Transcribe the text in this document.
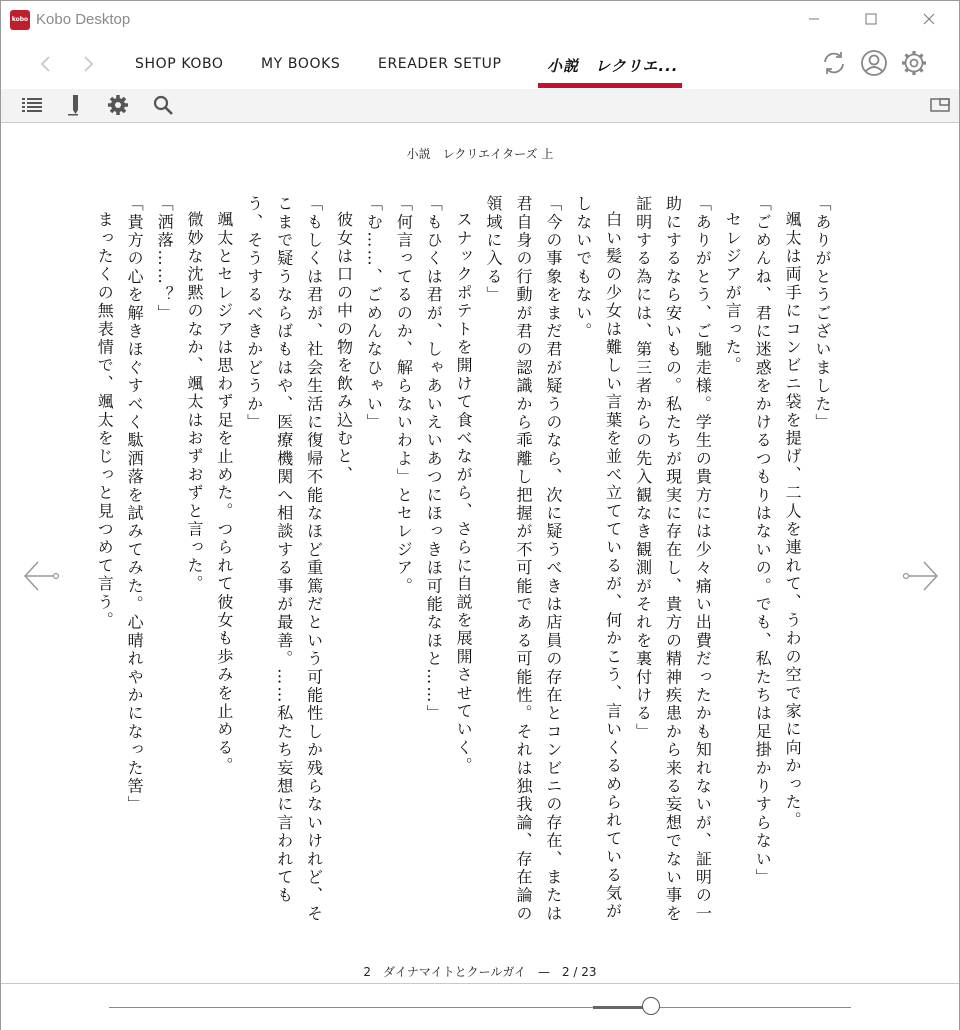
kobo Kobo Desktop
SHOP KOBO	MY BOOKS	EREADER SETUP	小説　レクリエ...
小説　レクリエイターズ 上

「ありがとうございました」

颯太は両手にコンビニ袋を提げ、二人を連れて、うわの空で家に向かった。

「ごめんね、君に迷惑をかけるつもりはないの。でも、私たちは足掛かりすらない」

セレジアが言った。

「ありがとう、ご馳走様。学生の貴方には少々痛い出費だったかも知れないが、証明の一助にするなら安いもの。私たちが現実に存在し、貴方の精神疾患から来る妄想でない事を証明する為には、第三者からの先入観なき観測がそれを裏付ける」

白い髪の少女は難しい言葉を並べ立てているが、何かこう、言いくるめられている気がしないでもない。

「今の事象をまだ君が疑うのなら、次に疑うべきは店員の存在とコンビニの存在、または君自身の行動が君の認識から乖離し把握が不可能である可能性。それは独我論、存在論の領域に入る」

スナックポテトを開けて食べながら、さらに自説を展開させていく。

「もひくは君が、しゃあいえいあつにほっきほ可能なほと……」

「何言ってるのか、解らないわよ」とセレジア。

「む……、ごめんなひゃい」

彼女は口の中の物を飲み込むと、

「もしくは君が、社会生活に復帰不能なほど重篤だという可能性しか残らないけれど、そこまで疑うならばもはや、医療機関へ相談する事が最善。……私たち妄想に言われてもう、そうするべきかどうか」

颯太とセレジアは思わず足を止めた。つられて彼女も歩みを止める。

微妙な沈黙のなか、颯太はおずおずと言った。

「洒落……？」

「貴方の心を解きほぐすべく駄洒落を試みてみた。心晴れやかになった筈」

まったくの無表情で、颯太をじっと見つめて言う。

2　ダイナマイトとクールガイ　—　2 / 23
